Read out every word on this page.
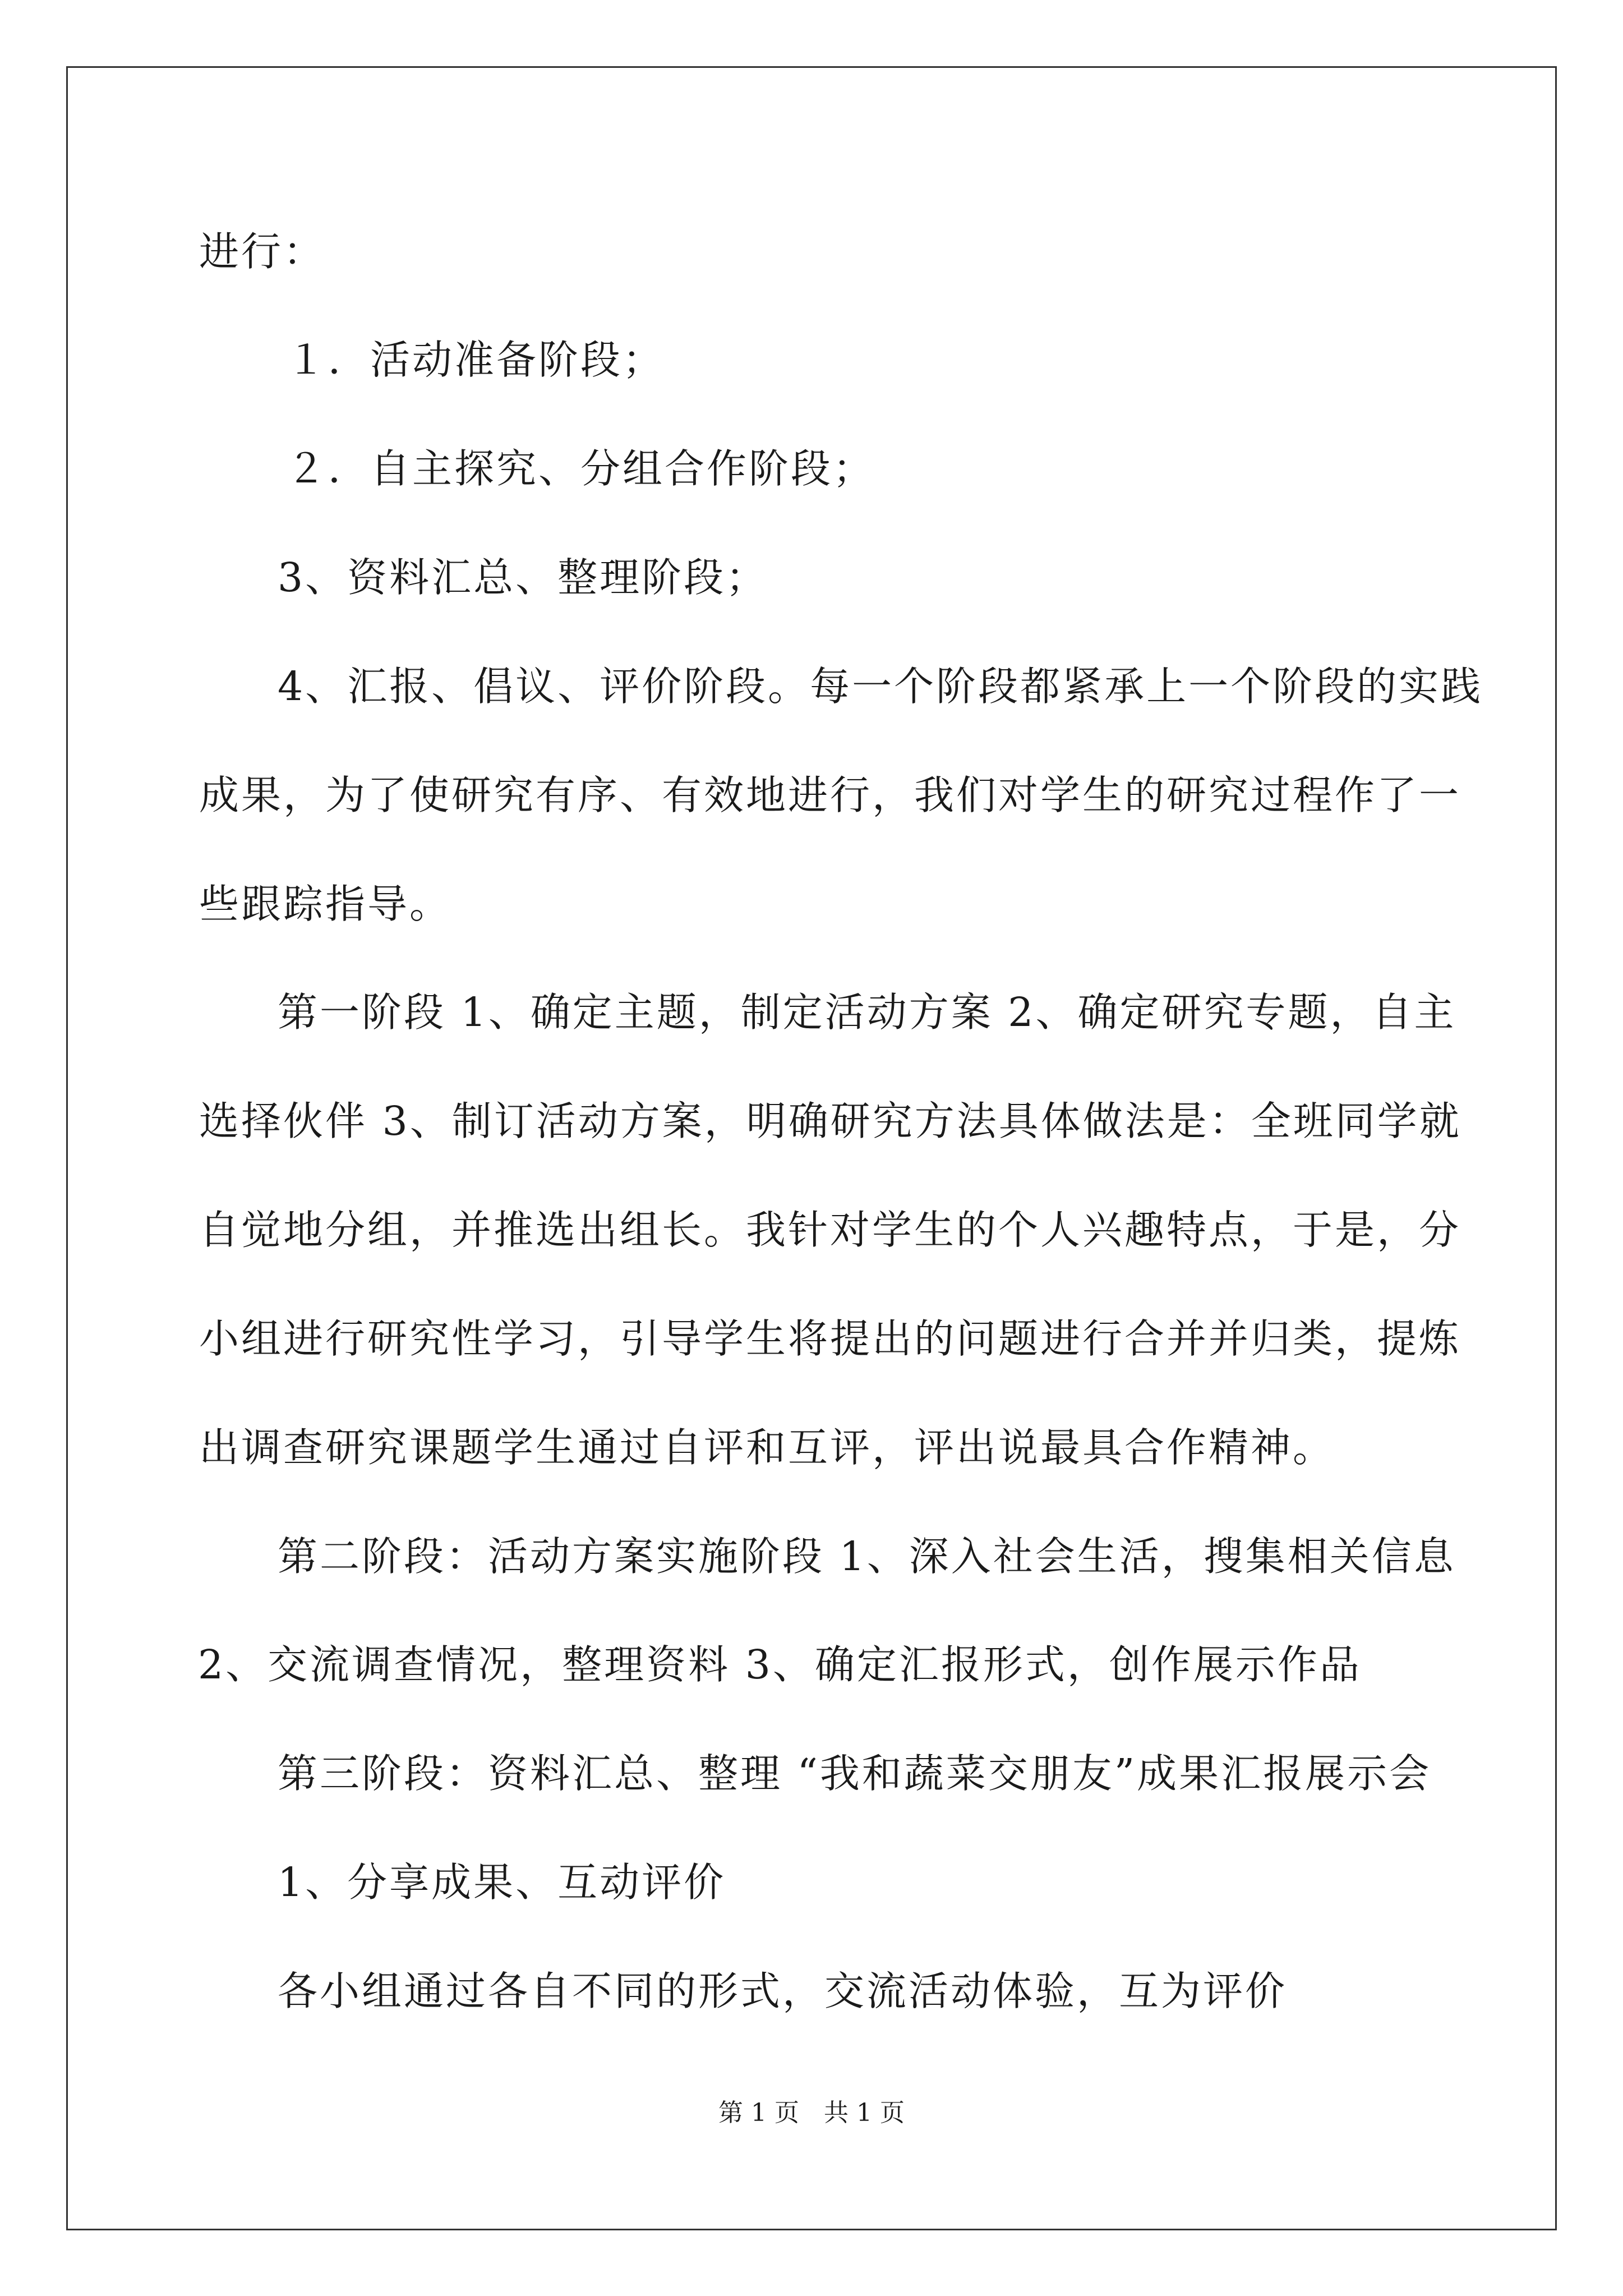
进行：

１．活动准备阶段；

２．自主探究、分组合作阶段；

3、资料汇总、整理阶段；

4、汇报、倡议、评价阶段。每一个阶段都紧承上一个阶段的实践

成果，为了使研究有序、有效地进行，我们对学生的研究过程作了一

些跟踪指导。

第一阶段 1、确定主题，制定活动方案 2、确定研究专题，自主

选择伙伴 3、制订活动方案，明确研究方法具体做法是：全班同学就

自觉地分组，并推选出组长。我针对学生的个人兴趣特点，于是，分

小组进行研究性学习，引导学生将提出的问题进行合并并归类，提炼

出调查研究课题学生通过自评和互评，评出说最具合作精神。

第二阶段：活动方案实施阶段 1、深入社会生活，搜集相关信息

2、交流调查情况，整理资料 3、确定汇报形式，创作展示作品

第三阶段：资料汇总、整理 “我和蔬菜交朋友”成果汇报展示会

1、分享成果、互动评价

各小组通过各自不同的形式，交流活动体验，互为评价

第 1 页　共 1 页
